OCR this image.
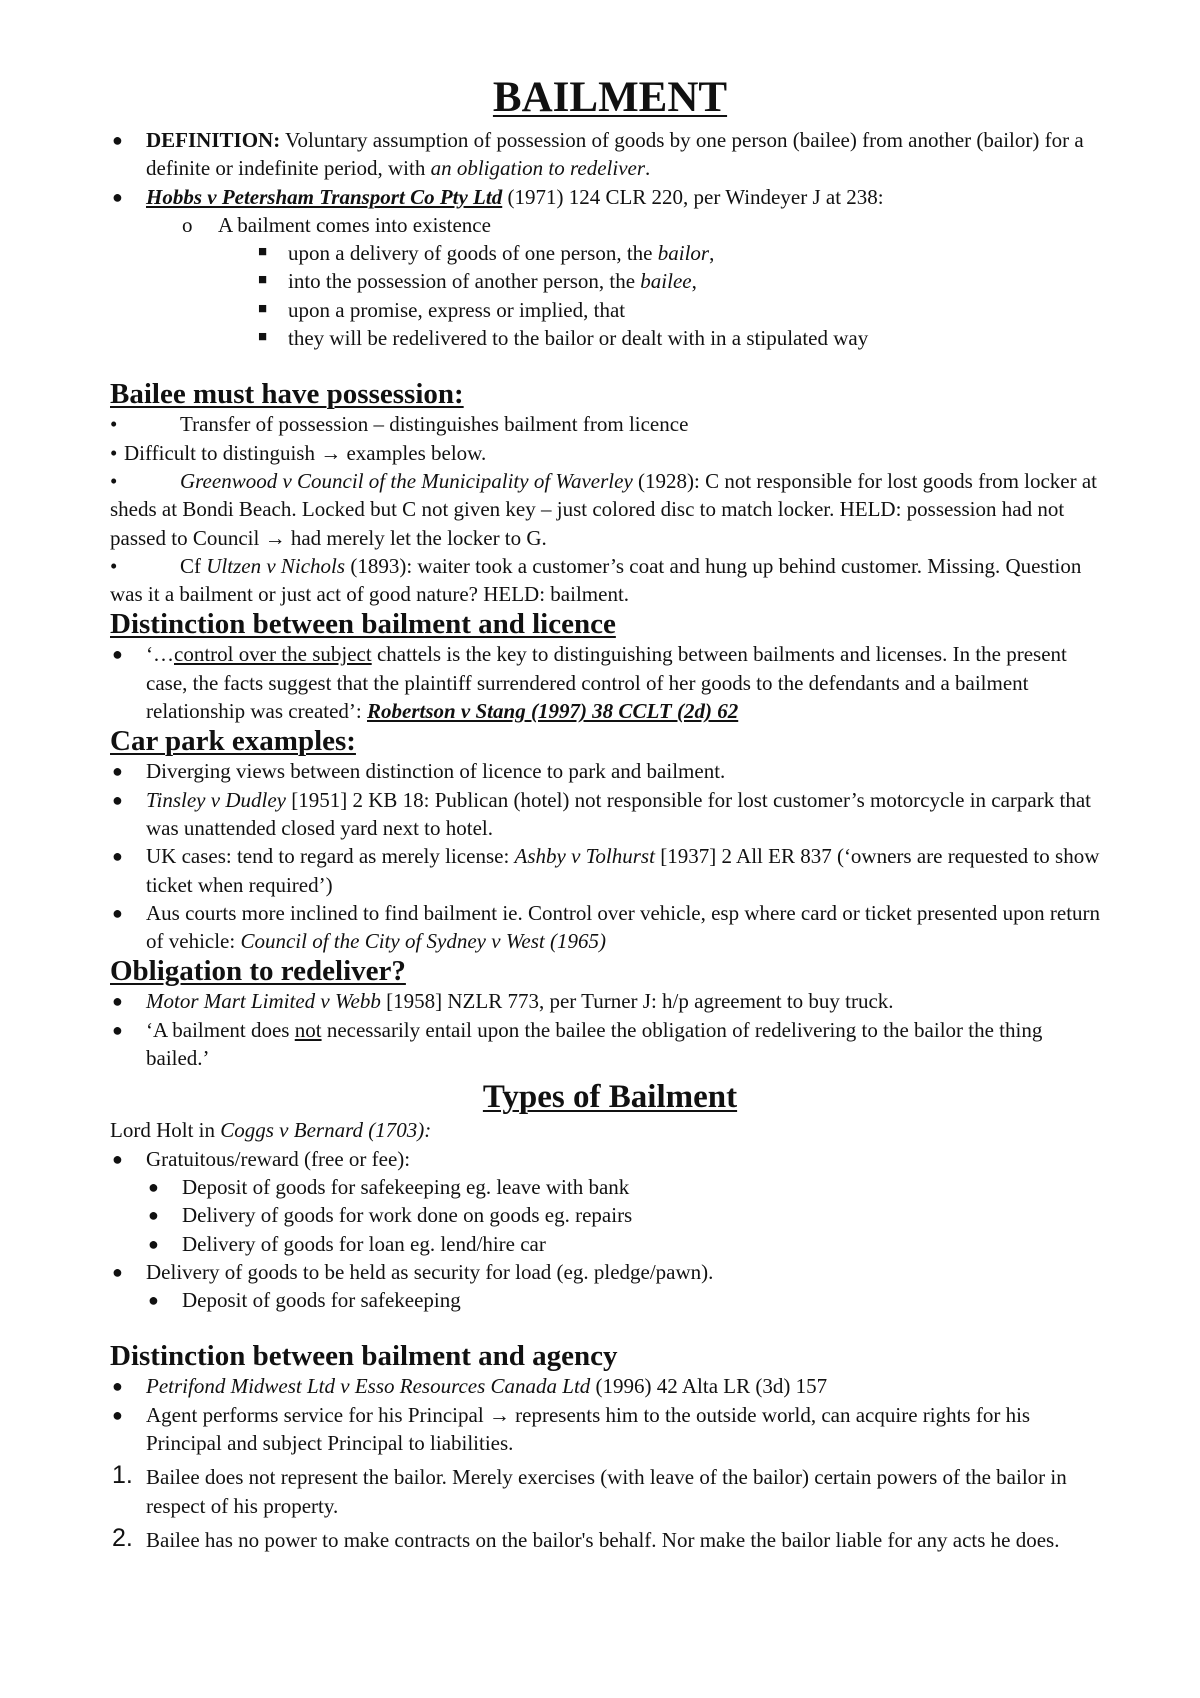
BAILMENT
● DEFINITION: Voluntary assumption of possession of goods by one person (bailee) from another (bailor) for a definite or indefinite period, with an obligation to redeliver.
● Hobbs v Petersham Transport Co Pty Ltd (1971) 124 CLR 220, per Windeyer J at 238:
o A bailment comes into existence
■ upon a delivery of goods of one person, the bailor,
■ into the possession of another person, the bailee,
■ upon a promise, express or implied, that
■ they will be redelivered to the bailor or dealt with in a stipulated way
Bailee must have possession:
•	Transfer of possession – distinguishes bailment from licence
• Difficult to distinguish → examples below.
•	Greenwood v Council of the Municipality of Waverley (1928): C not responsible for lost goods from locker at sheds at Bondi Beach. Locked but C not given key – just colored disc to match locker. HELD: possession had not passed to Council → had merely let the locker to G.
•	Cf Ultzen v Nichols (1893): waiter took a customer’s coat and hung up behind customer. Missing. Question was it a bailment or just act of good nature? HELD: bailment.
Distinction between bailment and licence
● ‘…control over the subject chattels is the key to distinguishing between bailments and licenses. In the present case, the facts suggest that the plaintiff surrendered control of her goods to the defendants and a bailment relationship was created’: Robertson v Stang (1997) 38 CCLT (2d) 62
Car park examples:
● Diverging views between distinction of licence to park and bailment.
● Tinsley v Dudley [1951] 2 KB 18: Publican (hotel) not responsible for lost customer’s motorcycle in carpark that was unattended closed yard next to hotel.
● UK cases: tend to regard as merely license: Ashby v Tolhurst [1937] 2 All ER 837 (‘owners are requested to show ticket when required’)
● Aus courts more inclined to find bailment ie. Control over vehicle, esp where card or ticket presented upon return of vehicle: Council of the City of Sydney v West (1965)
Obligation to redeliver?
● Motor Mart Limited v Webb [1958] NZLR 773, per Turner J: h/p agreement to buy truck.
● ‘A bailment does not necessarily entail upon the bailee the obligation of redelivering to the bailor the thing bailed.’
Types of Bailment
Lord Holt in Coggs v Bernard (1703):
● Gratuitous/reward (free or fee):
● Deposit of goods for safekeeping eg. leave with bank
● Delivery of goods for work done on goods eg. repairs
● Delivery of goods for loan eg. lend/hire car
● Delivery of goods to be held as security for load (eg. pledge/pawn).
● Deposit of goods for safekeeping
Distinction between bailment and agency
● Petrifond Midwest Ltd v Esso Resources Canada Ltd (1996) 42 Alta LR (3d) 157
● Agent performs service for his Principal → represents him to the outside world, can acquire rights for his Principal and subject Principal to liabilities.
1. Bailee does not represent the bailor. Merely exercises (with leave of the bailor) certain powers of the bailor in respect of his property.
2. Bailee has no power to make contracts on the bailor's behalf. Nor make the bailor liable for any acts he does.
